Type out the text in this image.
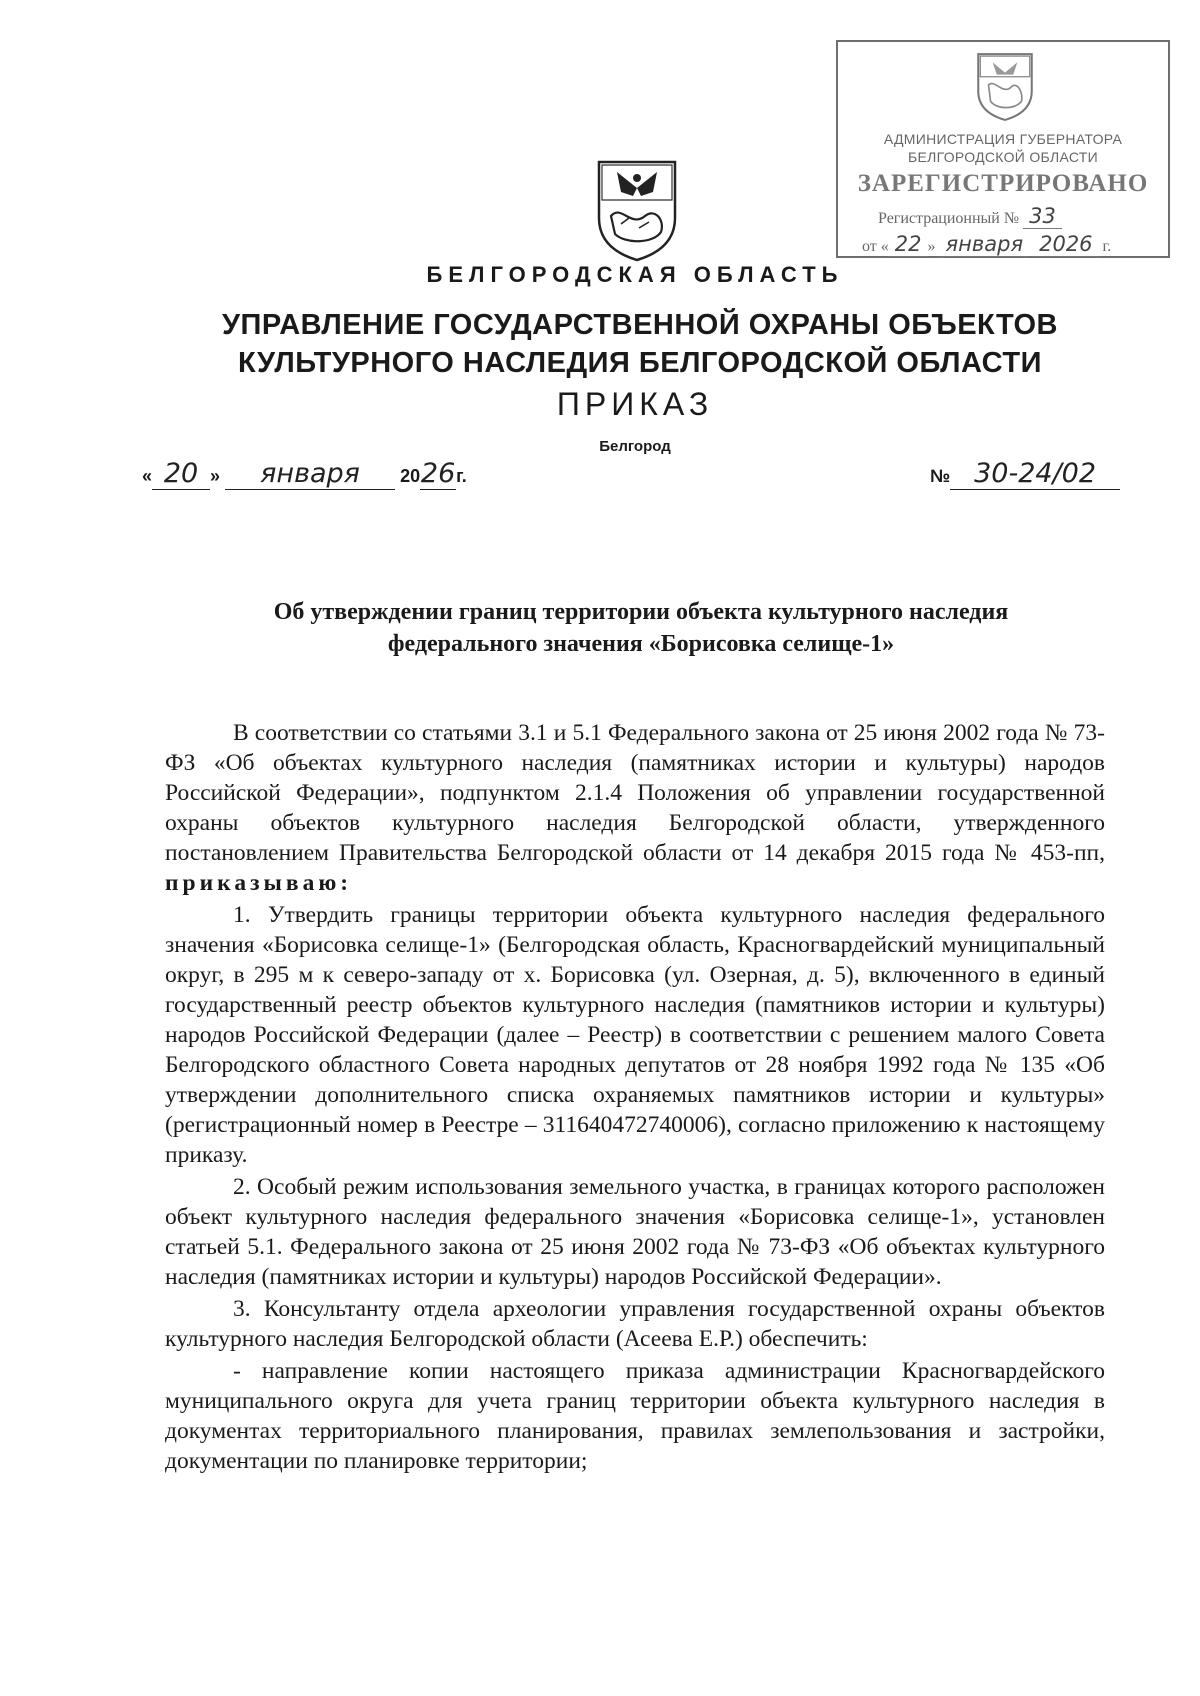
АДМИНИСТРАЦИЯ ГУБЕРНАТОРА
БЕЛГОРОДСКОЙ ОБЛАСТИ
ЗАРЕГИСТРИРОВАНО
Регистрационный № 33
от « 22 » января 2026 г.
БЕЛГОРОДСКАЯ ОБЛАСТЬ
УПРАВЛЕНИЕ ГОСУДАРСТВЕННОЙ ОХРАНЫ ОБЪЕКТОВ
КУЛЬТУРНОГО НАСЛЕДИЯ БЕЛГОРОДСКОЙ ОБЛАСТИ
ПРИКАЗ
Белгород
« 20 » января 2026г.	№ 30-24/02
Об утверждении границ территории объекта культурного наследия
федерального значения «Борисовка селище-1»

В соответствии со статьями 3.1 и 5.1 Федерального закона от 25 июня 2002 года № 73-ФЗ «Об объектах культурного наследия (памятниках истории и культуры) народов Российской Федерации», подпунктом 2.1.4 Положения об управлении государственной охраны объектов культурного наследия Белгородской области, утвержденного постановлением Правительства Белгородской области от 14 декабря 2015 года № 453-пп, приказываю:

1. Утвердить границы территории объекта культурного наследия федерального значения «Борисовка селище-1» (Белгородская область, Красногвардейский муниципальный округ, в 295 м к северо-западу от х. Борисовка (ул. Озерная, д. 5), включенного в единый государственный реестр объектов культурного наследия (памятников истории и культуры) народов Российской Федерации (далее – Реестр) в соответствии с решением малого Совета Белгородского областного Совета народных депутатов от 28 ноября 1992 года № 135 «Об утверждении дополнительного списка охраняемых памятников истории и культуры» (регистрационный номер в Реестре – 311640472740006), согласно приложению к настоящему приказу.

2. Особый режим использования земельного участка, в границах которого расположен объект культурного наследия федерального значения «Борисовка селище-1», установлен статьей 5.1. Федерального закона от 25 июня 2002 года № 73-ФЗ «Об объектах культурного наследия (памятниках истории и культуры) народов Российской Федерации».

3. Консультанту отдела археологии управления государственной охраны объектов культурного наследия Белгородской области (Асеева Е.Р.) обеспечить:

- направление копии настоящего приказа администрации Красногвардейского муниципального округа для учета границ территории объекта культурного наследия в документах территориального планирования, правилах землепользования и застройки, документации по планировке территории;
